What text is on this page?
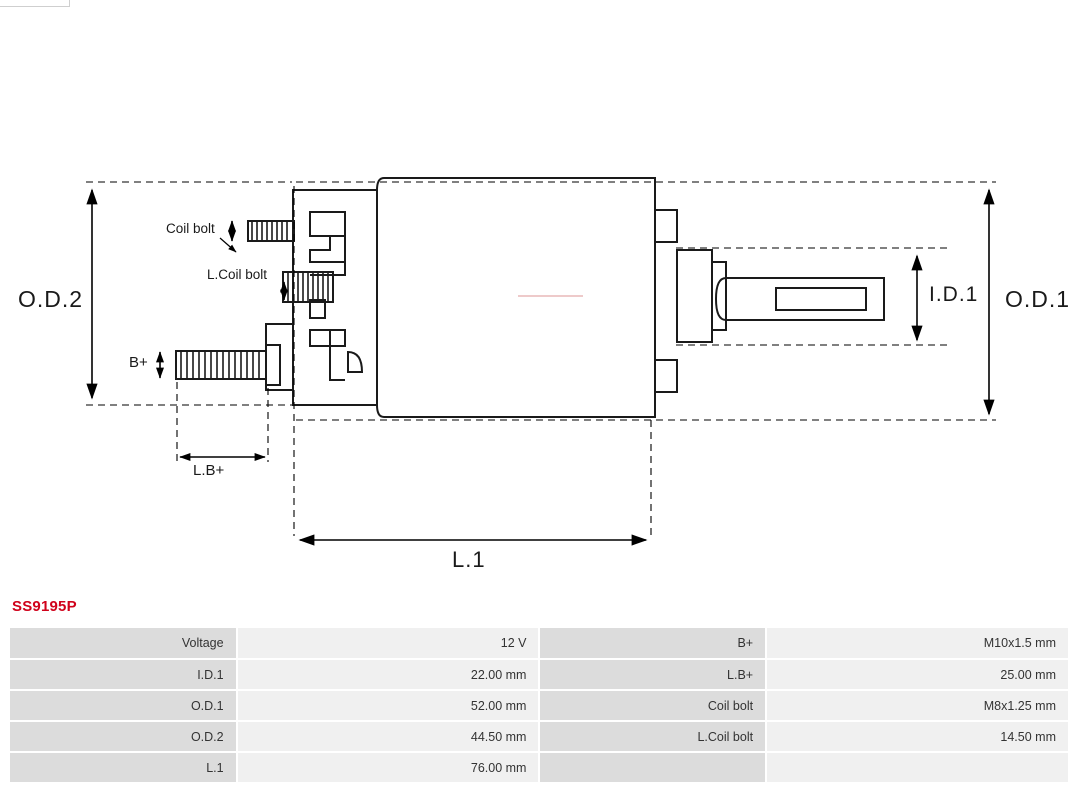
O.D.2	O.D.1
I.D.1
L.1
L.B+
B+
Coil bolt
L.Coil bolt
SS9195P
Voltage	12 V	B+	M10x1.5 mm
I.D.1	22.00 mm	L.B+	25.00 mm
O.D.1	52.00 mm	Coil bolt	M8x1.25 mm
O.D.2	44.50 mm	L.Coil bolt	14.50 mm
L.1	76.00 mm		
